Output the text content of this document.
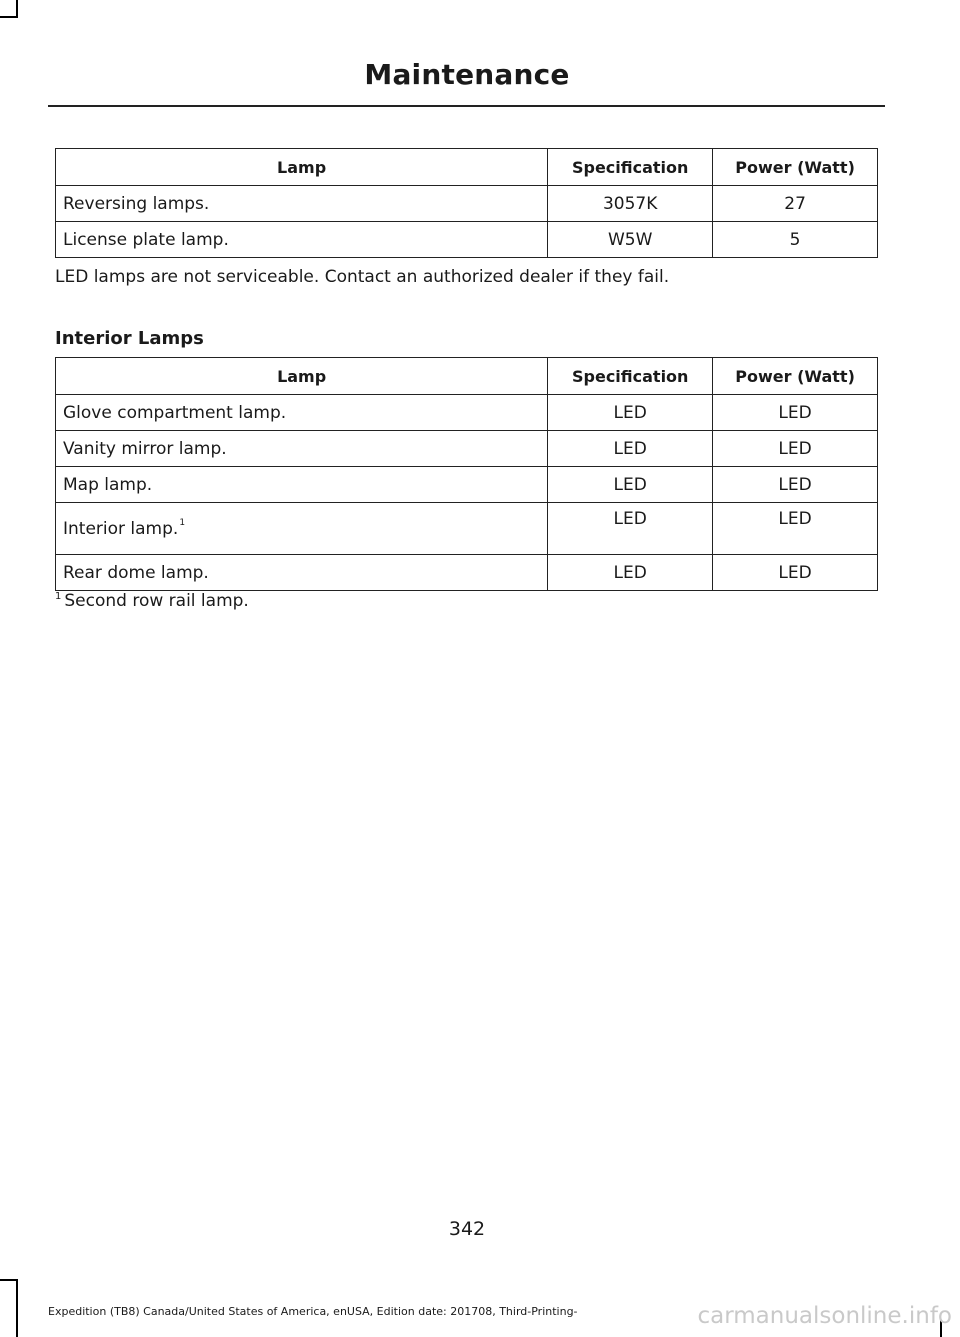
Maintenance
Lamp	Specification	Power (Watt)
Reversing lamps.	3057K	27
License plate lamp.	W5W	5
LED lamps are not serviceable. Contact an authorized dealer if they fail.
Interior Lamps
Lamp	Specification	Power (Watt)
Glove compartment lamp.	LED	LED
Vanity mirror lamp.	LED	LED
Map lamp.	LED	LED
Interior lamp.$^1$	LED	LED
Rear dome lamp.	LED	LED
$^1$ Second row rail lamp.
342
Expedition (TB8) Canada/United States of America, enUSA, Edition date: 201708, Third-Printing-	carmanualsonline.info
